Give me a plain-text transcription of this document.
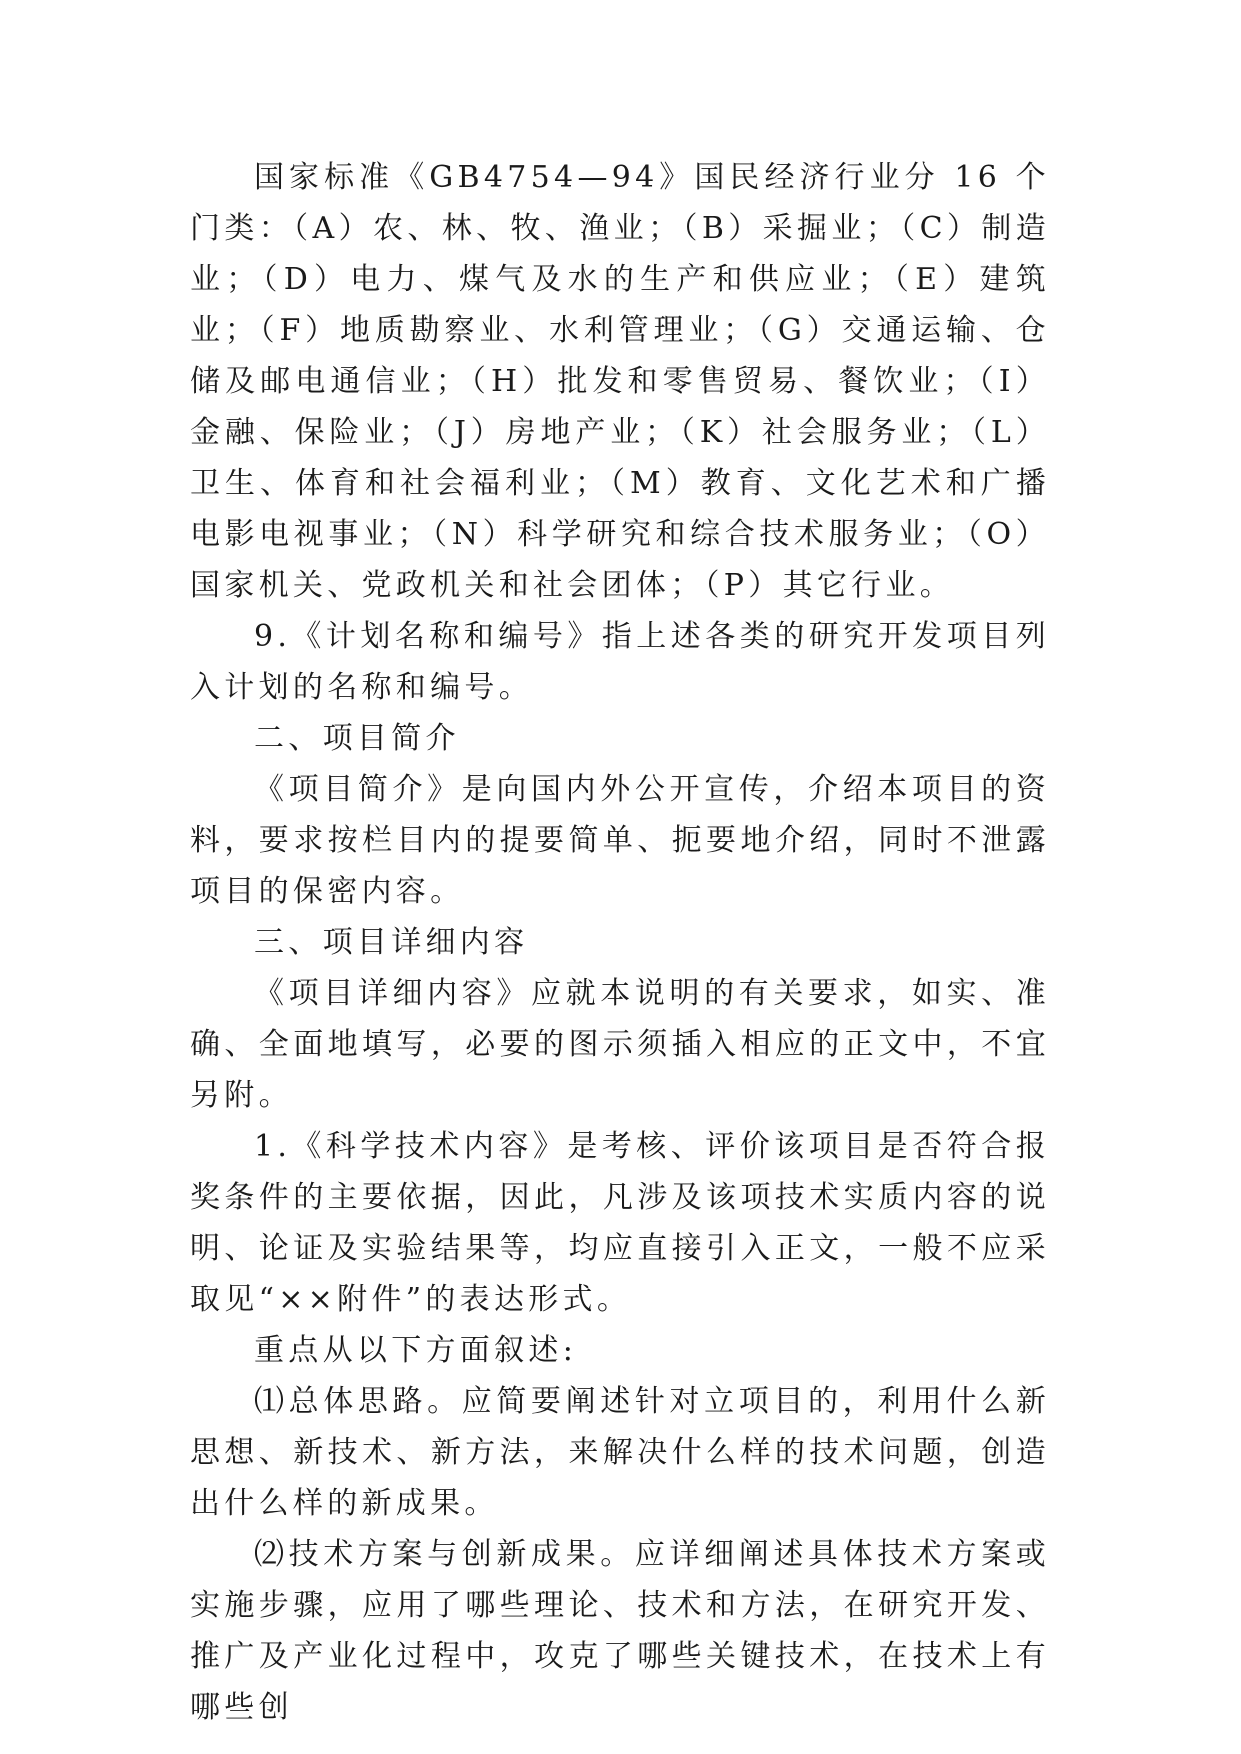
国家标准《GB4754—94》国民经济行业分 16 个门类：（A）农、林、牧、渔业；（B）采掘业；（C）制造业；（D）电力、煤气及水的生产和供应业；（E）建筑业；（F）地质勘察业、水利管理业；（G）交通运输、仓储及邮电通信业；（H）批发和零售贸易、餐饮业；（I）金融、保险业；（J）房地产业；（K）社会服务业；（L）卫生、体育和社会福利业；（M）教育、文化艺术和广播电影电视事业；（N）科学研究和综合技术服务业；（O）国家机关、党政机关和社会团体；（P）其它行业。

9.《计划名称和编号》指上述各类的研究开发项目列入计划的名称和编号。

二、项目简介

《项目简介》是向国内外公开宣传，介绍本项目的资料，要求按栏目内的提要简单、扼要地介绍，同时不泄露项目的保密内容。

三、项目详细内容

《项目详细内容》应就本说明的有关要求，如实、准确、全面地填写，必要的图示须插入相应的正文中，不宜另附。

1.《科学技术内容》是考核、评价该项目是否符合报奖条件的主要依据，因此，凡涉及该项技术实质内容的说明、论证及实验结果等，均应直接引入正文，一般不应采取见“××附件”的表达形式。

重点从以下方面叙述:

⑴总体思路。应简要阐述针对立项目的，利用什么新思想、新技术、新方法，来解决什么样的技术问题，创造出什么样的新成果。

⑵技术方案与创新成果。应详细阐述具体技术方案或实施步骤，应用了哪些理论、技术和方法，在研究开发、推广及产业化过程中，攻克了哪些关键技术，在技术上有哪些创
